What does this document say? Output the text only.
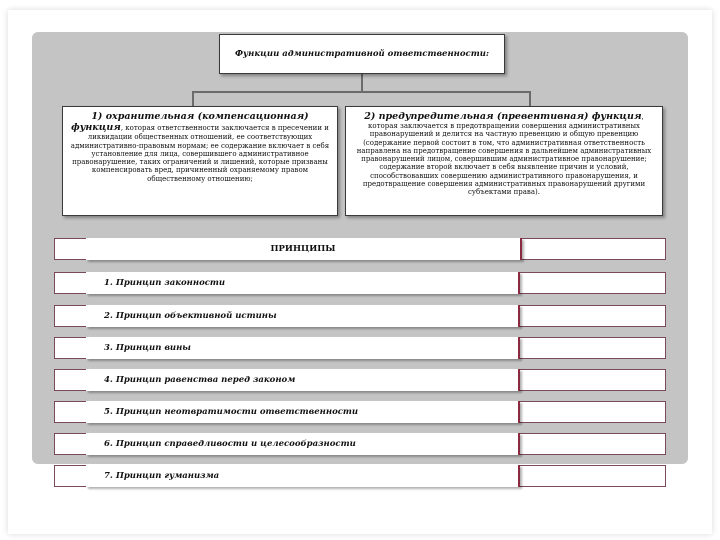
Функции административной ответственности:
1) охранительная (компенсационная) функция, которая ответственности заключается в пресечении и ликвидации общественных отношений, ее соответствующих административно-правовым нормам; ее содержание включает в себя установление для лица, совершившего административное правонарушение, таких ограничений и лишений, которые призваны компенсировать вред, причиненный охраняемому правом общественному отношению;
2) предупредительная (превентивная) функция, которая заключается в предотвращении совершения административных правонарушений и делится на частную превенцию и общую превенцию (содержание первой состоит в том, что административная ответственность направлена на предотвращение совершения в дальнейшем административных правонарушений лицом, совершившим административное правонарушение; содержание второй включает в себя выявление причин и условий, способствовавших совершению административного правонарушения, и предотвращение совершения административных правонарушений другими субъектами права).
ПРИНЦИПЫ
1. Принцип законности
2. Принцип объективной истины
3. Принцип вины
4. Принцип равенства перед законом
5. Принцип неотвратимости ответственности
6. Принцип справедливости и целесообразности
7. Принцип гуманизма
